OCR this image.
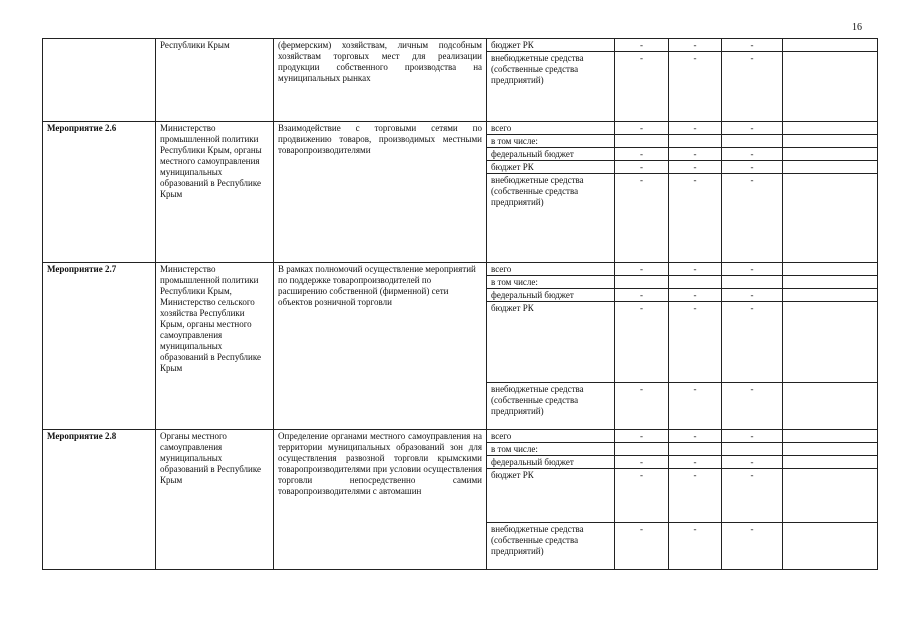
16
	Республики Крым	(фермерским) хозяйствам, личным подсобным хозяйствам торговых мест для реализации продукции собственного производства на муниципальных рынках	бюджет РК	-	-	-	
			внебюджетные средства (собственные средства предприятий)	-	-	-	
Мероприятие 2.6	Министерство промышленной политики Республики Крым, органы местного самоуправления муниципальных образований в Республике Крым	Взаимодействие с торговыми сетями по продвижению товаров, производимых местными товаропроизводителями	всего	-	-	-	
			в том числе:				
			федеральный бюджет	-	-	-	
			бюджет РК	-	-	-	
			внебюджетные средства (собственные средства предприятий)	-	-	-	
Мероприятие 2.7	Министерство промышленной политики Республики Крым, Министерство сельского хозяйства Республики Крым, органы местного самоуправления муниципальных образований в Республике Крым	В рамках полномочий осуществление мероприятий по поддержке товаропроизводителей по расширению собственной (фирменной) сети объектов розничной торговли	всего	-	-	-	
			в том числе:				
			федеральный бюджет	-	-	-	
			бюджет РК	-	-	-	
			внебюджетные средства (собственные средства предприятий)	-	-	-	
Мероприятие 2.8	Органы местного самоуправления муниципальных образований в Республике Крым	Определение органами местного самоуправления на территории муниципальных образований зон для осуществления развозной торговли крымскими товаропроизводителями при условии осуществления торговли непосредственно самими товаропроизводителями с автомашин	всего	-	-	-	
			в том числе:				
			федеральный бюджет	-	-	-	
			бюджет РК	-	-	-	
			внебюджетные средства (собственные средства предприятий)	-	-	-	
